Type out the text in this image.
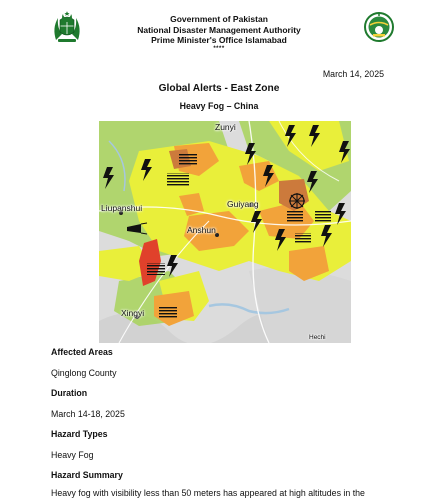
Government of Pakistan
National Disaster Management Authority
Prime Minister's Office Islamabad
****
March 14, 2025
Global Alerts - East Zone
Heavy Fog – China
Zunyi
Liupanshui	Guiyang
Anshun
Xingyi
Hechi
Affected Areas
Qinglong County
Duration
March 14-18, 2025
Hazard Types
Heavy Fog
Hazard Summary
Heavy fog with visibility less than 50 meters has appeared at high altitudes in the
